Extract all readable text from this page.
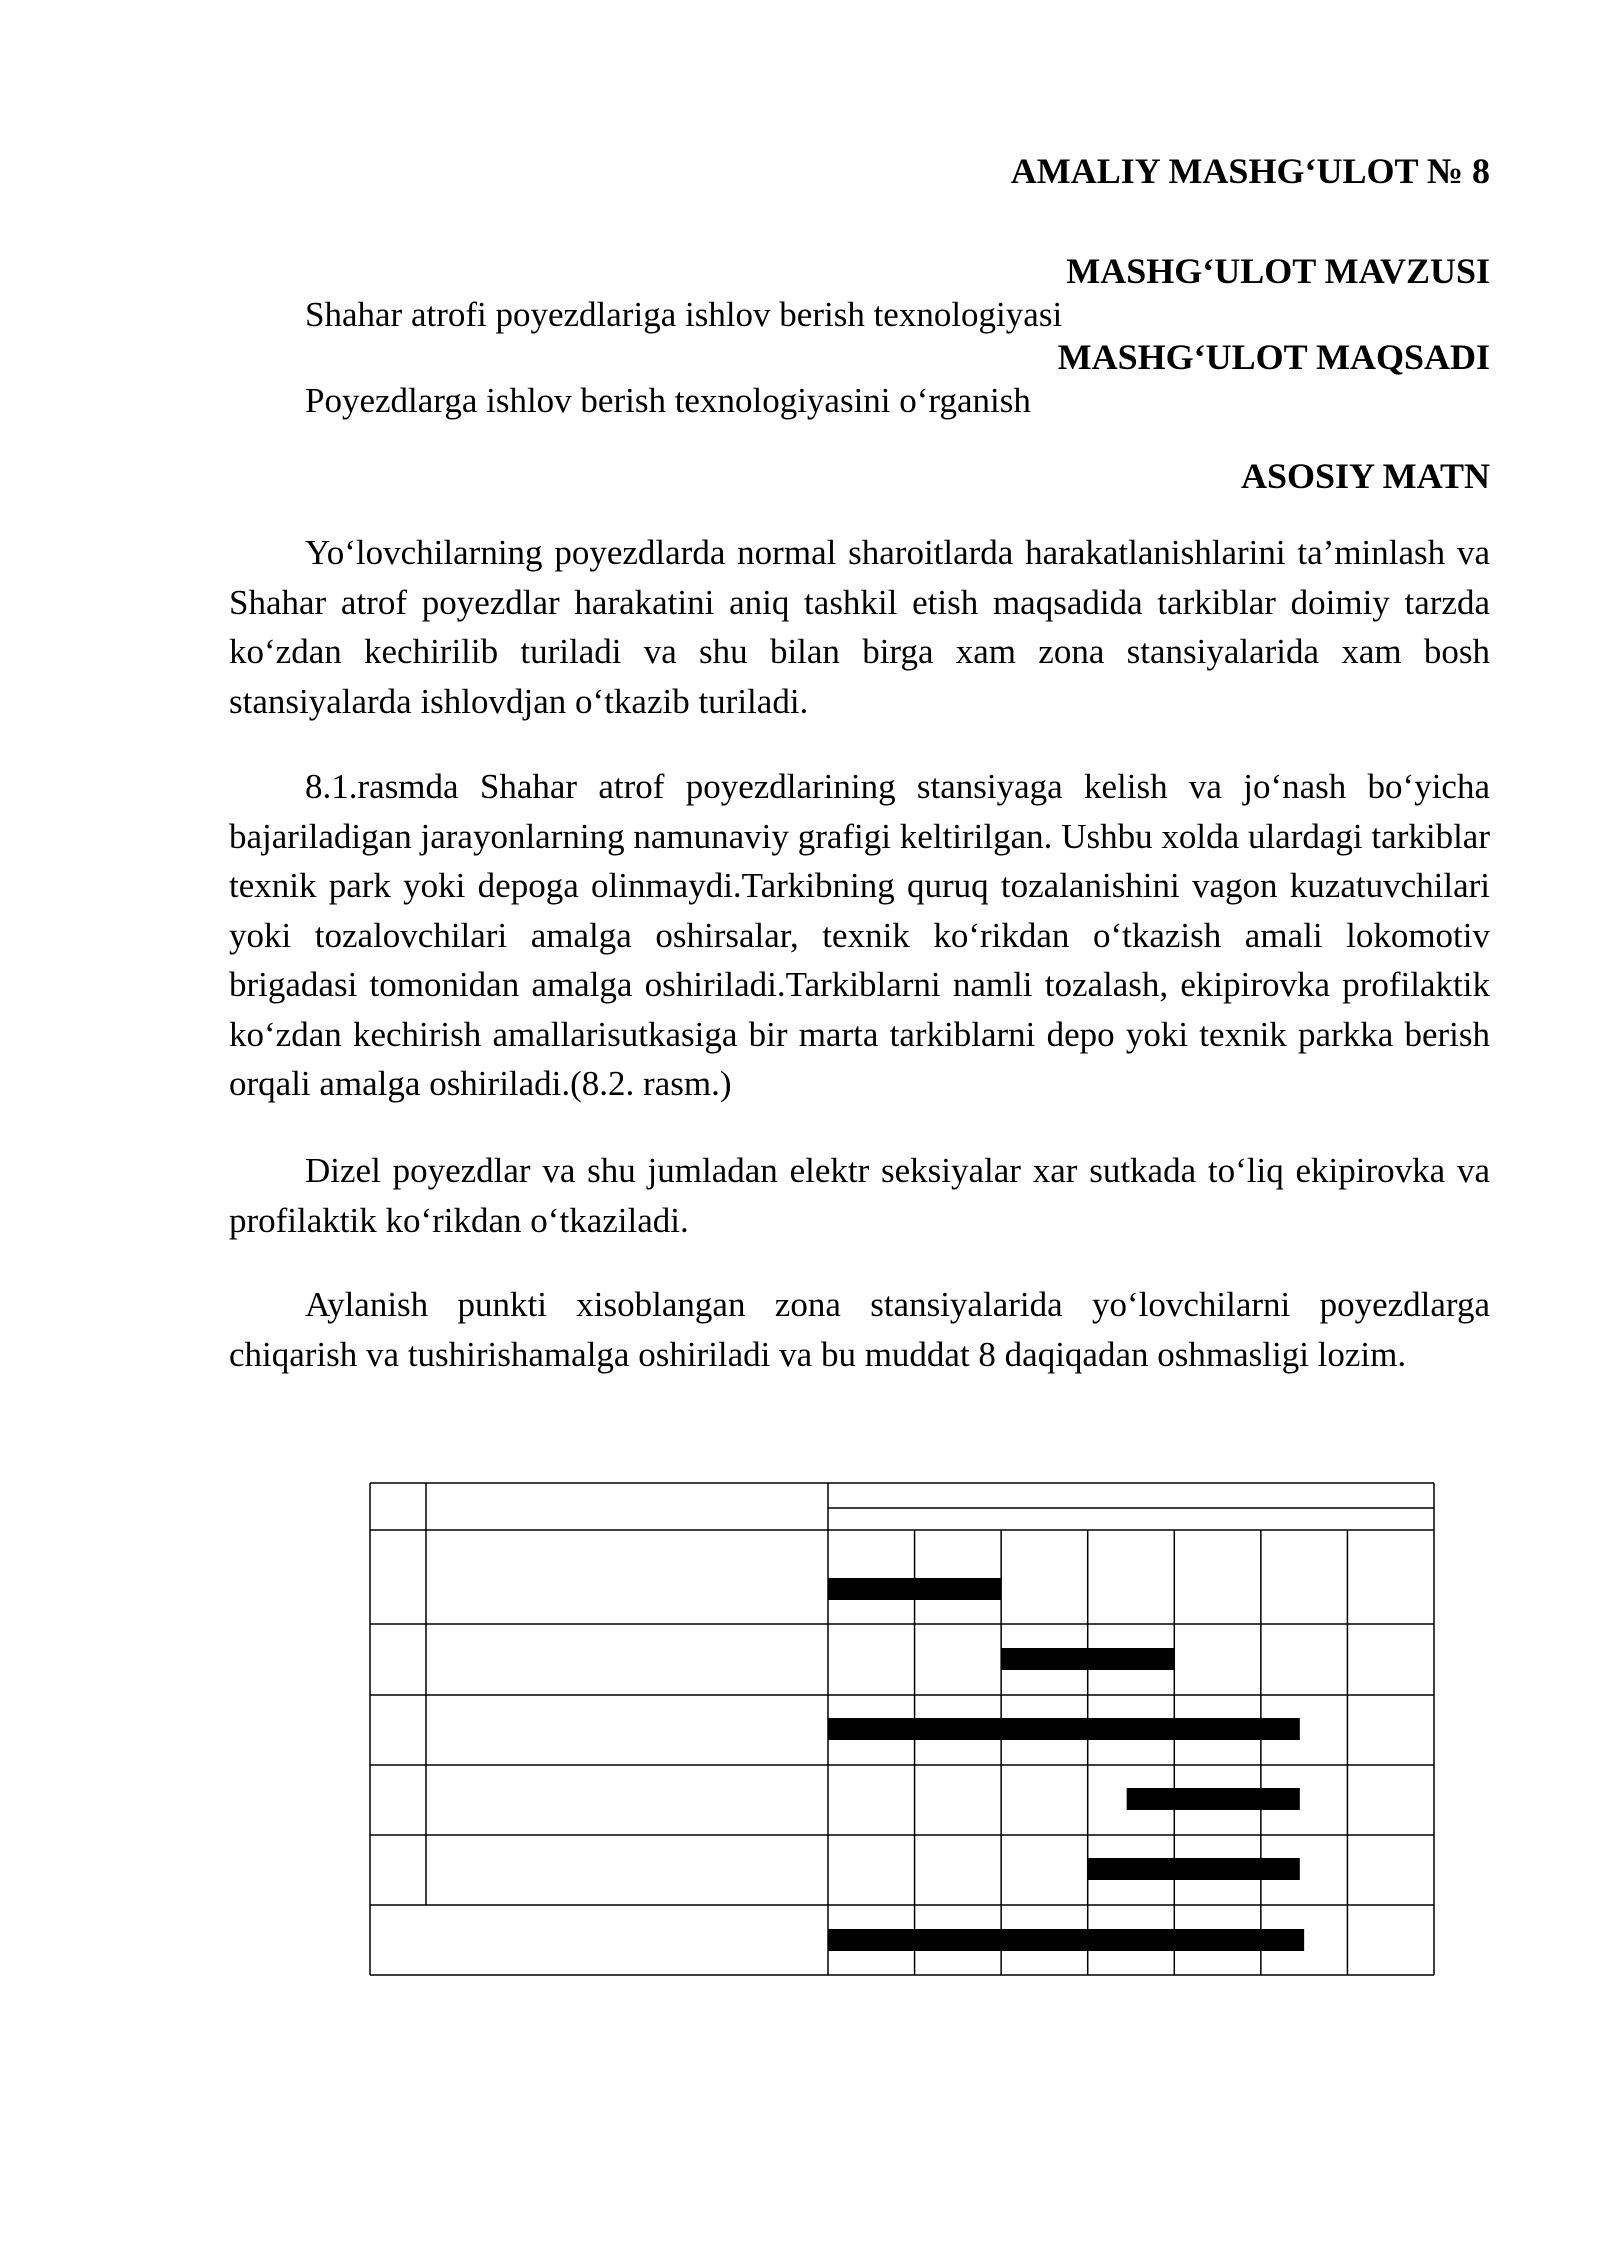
AMALIY MASHG‘ULOT № 8
MASHG‘ULOT MAVZUSI
Shahar atrofi poyezdlariga ishlov berish texnologiyasi
MASHG‘ULOT MAQSADI
Poyezdlarga ishlov berish texnologiyasini o‘rganish
ASOSIY MATN

Yo‘lovchilarning poyezdlarda normal sharoitlarda harakatlanishlarini ta’minlash va Shahar atrof poyezdlar harakatini aniq tashkil etish maqsadida tarkiblar doimiy tarzda ko‘zdan kechirilib turiladi va shu bilan birga xam zona stansiyalarida xam bosh stansiyalarda ishlovdjan o‘tkazib turiladi.

8.1.rasmda Shahar atrof poyezdlarining stansiyaga kelish va jo‘nash bo‘yicha bajariladigan jarayonlarning namunaviy grafigi keltirilgan. Ushbu xolda ulardagi tarkiblar texnik park yoki depoga olinmaydi.Tarkibning quruq tozalanishini vagon kuzatuvchilari yoki tozalovchilari amalga oshirsalar, texnik ko‘rikdan o‘tkazish amali lokomotiv brigadasi tomonidan amalga oshiriladi.Tarkiblarni namli tozalash, ekipirovka profilaktik ko‘zdan kechirish amallarisutkasiga bir marta tarkiblarni depo yoki texnik parkka berish orqali amalga oshiriladi.(8.2. rasm.)

Dizel poyezdlar va shu jumladan elektr seksiyalar xar sutkada to‘liq ekipirovka va profilaktik ko‘rikdan o‘tkaziladi.

Aylanish punkti xisoblangan zona stansiyalarida yo‘lovchilarni poyezdlarga chiqarish va tushirishamalga oshiriladi va bu muddat 8 daqiqadan oshmasligi lozim.
